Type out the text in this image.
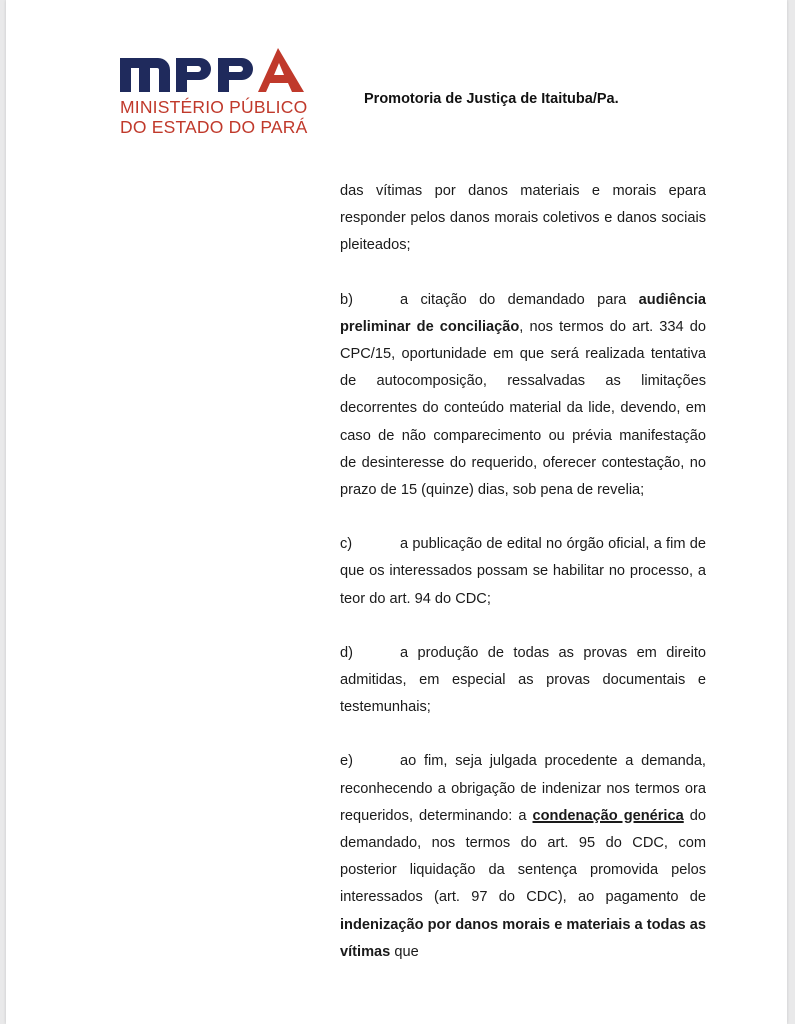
MINISTÉRIO PÚBLICO
DO ESTADO DO PARÁ
Promotoria de Justiça de Itaituba/Pa.

das vítimas por danos materiais e morais epara responder pelos danos morais coletivos e danos sociais pleiteados;

b)	a citação do demandado para audiência preliminar de conciliação, nos termos do art. 334 do CPC/15, oportunidade em que será realizada tentativa de autocomposição, ressalvadas as limitações decorrentes do conteúdo material da lide, devendo, em caso de não comparecimento ou prévia manifestação de desinteresse do requerido, oferecer contestação, no prazo de 15 (quinze) dias, sob pena de revelia;

c)	a publicação de edital no órgão oficial, a fim de que os interessados possam se habilitar no processo, a teor do art. 94 do CDC;

d)	a produção de todas as provas em direito admitidas, em especial as provas documentais e testemunhais;

e)	ao fim, seja julgada procedente a demanda, reconhecendo a obrigação de indenizar nos termos ora requeridos, determinando: a condenação genérica do demandado, nos termos do art. 95 do CDC, com posterior liquidação da sentença promovida pelos interessados (art. 97 do CDC), ao pagamento de indenização por danos morais e materiais a todas as vítimas que
